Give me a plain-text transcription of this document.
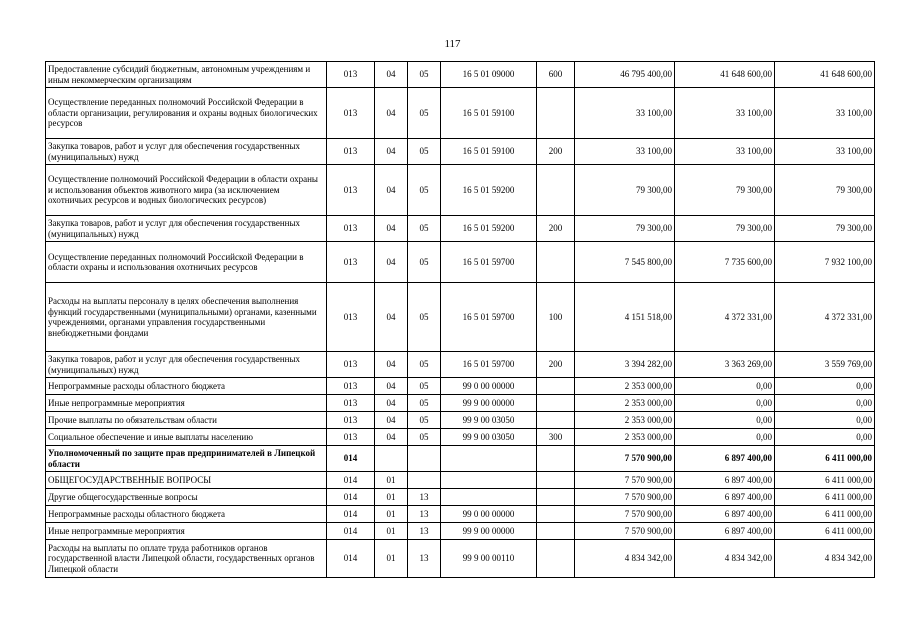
117
Предоставление субсидий бюджетным, автономным учреждениям и иным некоммерческим организациям	013	04	05	16 5 01 09000	600	46 795 400,00	41 648 600,00	41 648 600,00
Осуществление переданных полномочий Российской Федерации в области организации, регулирования и охраны водных биологических ресурсов	013	04	05	16 5 01 59100		33 100,00	33 100,00	33 100,00
Закупка товаров, работ и услуг для обеспечения государственных (муниципальных) нужд	013	04	05	16 5 01 59100	200	33 100,00	33 100,00	33 100,00
Осуществление полномочий Российской Федерации в области охраны и использования объектов животного мира (за исключением охотничьих ресурсов и водных биологических ресурсов)	013	04	05	16 5 01 59200		79 300,00	79 300,00	79 300,00
Закупка товаров, работ и услуг для обеспечения государственных (муниципальных) нужд	013	04	05	16 5 01 59200	200	79 300,00	79 300,00	79 300,00
Осуществление переданных полномочий Российской Федерации в области охраны и использования охотничьих ресурсов	013	04	05	16 5 01 59700		7 545 800,00	7 735 600,00	7 932 100,00
Расходы на выплаты персоналу в целях обеспечения выполнения функций государственными (муниципальными) органами, казенными учреждениями, органами управления государственными внебюджетными фондами	013	04	05	16 5 01 59700	100	4 151 518,00	4 372 331,00	4 372 331,00
Закупка товаров, работ и услуг для обеспечения государственных (муниципальных) нужд	013	04	05	16 5 01 59700	200	3 394 282,00	3 363 269,00	3 559 769,00
Непрограммные расходы областного бюджета	013	04	05	99 0 00 00000		2 353 000,00	0,00	0,00
Иные непрограммные мероприятия	013	04	05	99 9 00 00000		2 353 000,00	0,00	0,00
Прочие выплаты по обязательствам области	013	04	05	99 9 00 03050		2 353 000,00	0,00	0,00
Социальное обеспечение и иные выплаты населению	013	04	05	99 9 00 03050	300	2 353 000,00	0,00	0,00
Уполномоченный по защите прав предпринимателей в Липецкой области	014					7 570 900,00	6 897 400,00	6 411 000,00
ОБЩЕГОСУДАРСТВЕННЫЕ ВОПРОСЫ	014	01				7 570 900,00	6 897 400,00	6 411 000,00
Другие общегосударственные вопросы	014	01	13			7 570 900,00	6 897 400,00	6 411 000,00
Непрограммные расходы областного бюджета	014	01	13	99 0 00 00000		7 570 900,00	6 897 400,00	6 411 000,00
Иные непрограммные мероприятия	014	01	13	99 9 00 00000		7 570 900,00	6 897 400,00	6 411 000,00
Расходы на выплаты по оплате труда работников органов государственной власти Липецкой области, государственных органов Липецкой области	014	01	13	99 9 00 00110		4 834 342,00	4 834 342,00	4 834 342,00
